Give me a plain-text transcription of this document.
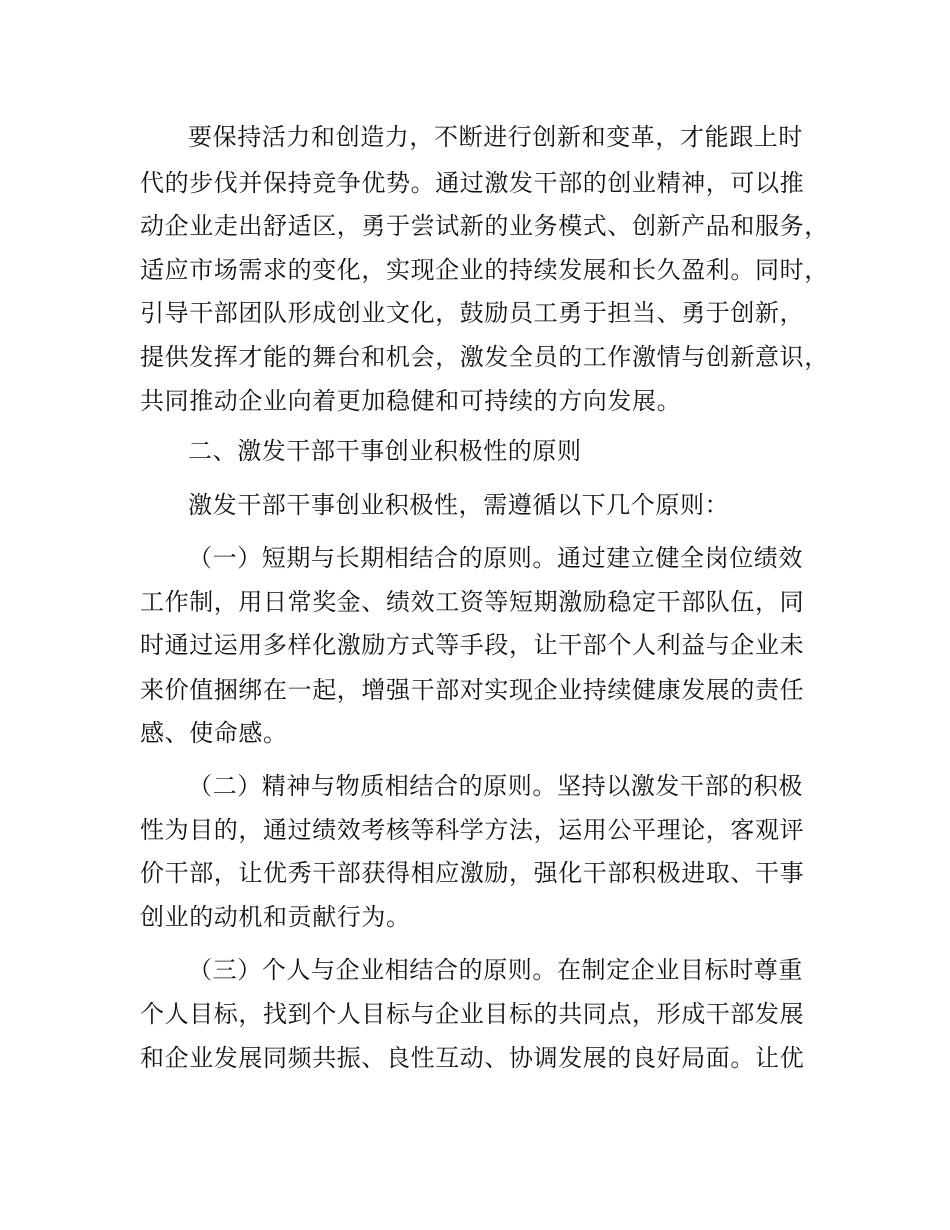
要保持活力和创造力，不断进行创新和变革，才能跟上时
代的步伐并保持竞争优势。通过激发干部的创业精神，可以推
动企业走出舒适区，勇于尝试新的业务模式、创新产品和服务，
适应市场需求的变化，实现企业的持续发展和长久盈利。同时，
引导干部团队形成创业文化，鼓励员工勇于担当、勇于创新，
提供发挥才能的舞台和机会，激发全员的工作激情与创新意识，
共同推动企业向着更加稳健和可持续的方向发展。
二、激发干部干事创业积极性的原则
激发干部干事创业积极性，需遵循以下几个原则：
（一）短期与长期相结合的原则。通过建立健全岗位绩效
工作制，用日常奖金、绩效工资等短期激励稳定干部队伍，同
时通过运用多样化激励方式等手段，让干部个人利益与企业未
来价值捆绑在一起，增强干部对实现企业持续健康发展的责任
感、使命感。
（二）精神与物质相结合的原则。坚持以激发干部的积极
性为目的，通过绩效考核等科学方法，运用公平理论，客观评
价干部，让优秀干部获得相应激励，强化干部积极进取、干事
创业的动机和贡献行为。
（三）个人与企业相结合的原则。在制定企业目标时尊重
个人目标，找到个人目标与企业目标的共同点，形成干部发展
和企业发展同频共振、良性互动、协调发展的良好局面。让优
